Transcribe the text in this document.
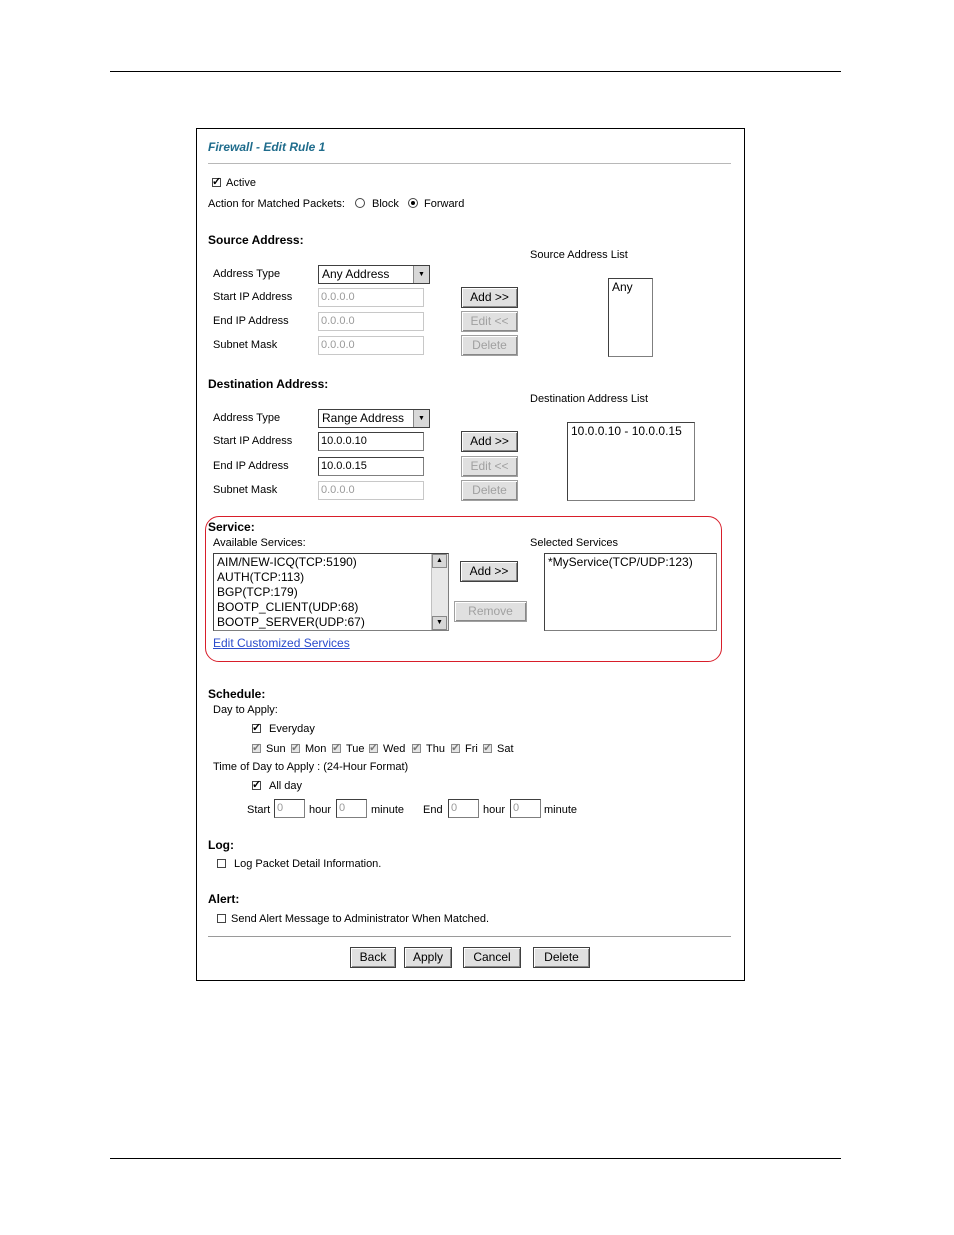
Firewall - Edit Rule 1
✓
Active
Action for Matched Packets: Block Forward
Source Address:
Source Address List
Address Type	Any Address	▼
Start IP Address	0.0.0.0
End IP Address	0.0.0.0
Subnet Mask	0.0.0.0
Add >>
Edit <<
Delete
Any
Destination Address:
Destination Address List
Address Type	Range Address	▼
Start IP Address	10.0.0.10
End IP Address	10.0.0.15
Subnet Mask	0.0.0.0
Add >>
Edit <<
Delete
10.0.0.10 - 10.0.0.15
Service:
Available Services:	Selected Services
AIM/NEW-ICQ(TCP:5190)
AUTH(TCP:113)
BGP(TCP:179)
BOOTP_CLIENT(UDP:68)
BOOTP_SERVER(UDP:67)
▲
▼
Add >>
Remove
*MyService(TCP/UDP:123)
Edit Customized Services
Schedule:
Day to Apply:
✓
Everyday
✓
Sun ✓ Mon ✓ Tue ✓ Wed ✓ Thu ✓ Fri ✓ Sat
Time of Day to Apply : (24-Hour Format)
✓
All day
Start 0	hour 0	minute End 0	hour 0	minute
Log:
Log Packet Detail Information.
Alert:
Send Alert Message to Administrator When Matched.
Back	Apply	Cancel	Delete
